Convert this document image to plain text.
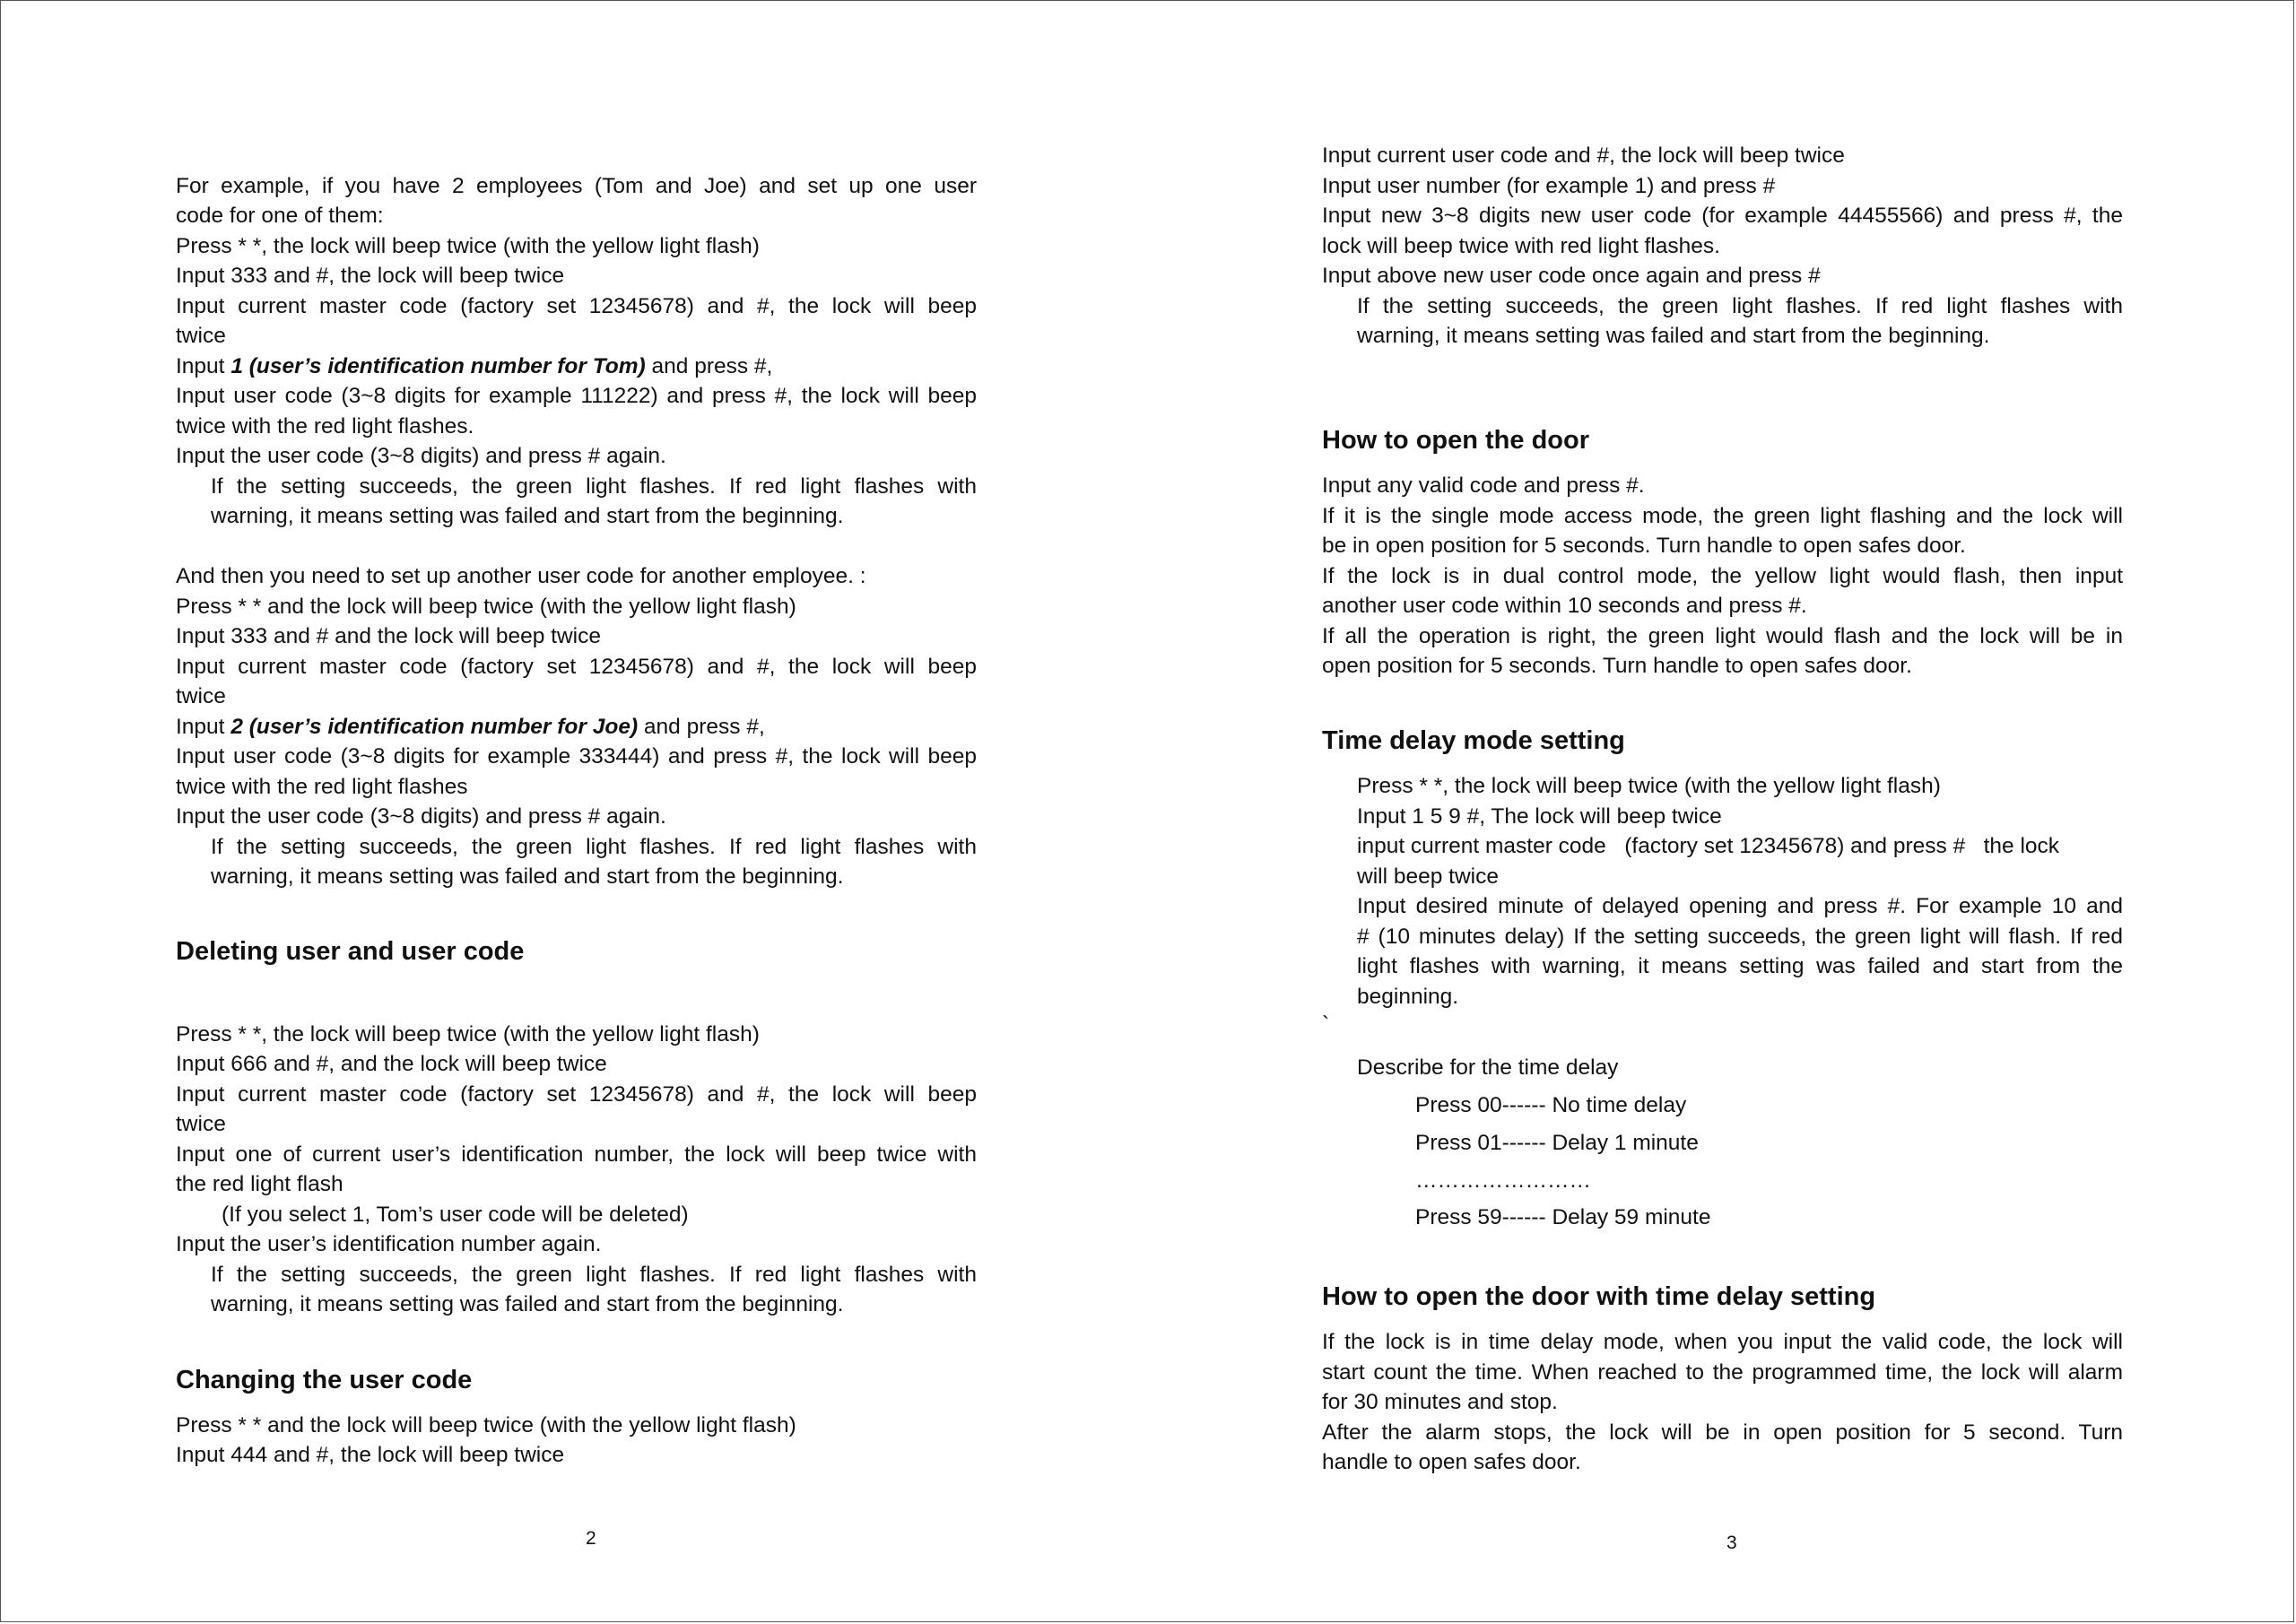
For example, if you have 2 employees (Tom and Joe) and set up one user
code for one of them:
Press * *, the lock will beep twice (with the yellow light flash)
Input 333 and #, the lock will beep twice
Input current master code (factory set 12345678) and #, the lock will beep
twice
Input 1 (user’s identification number for Tom) and press #,
Input user code (3~8 digits for example 111222) and press #, the lock will beep
twice with the red light flashes.
Input the user code (3~8 digits) and press # again.
If the setting succeeds, the green light flashes. If red light flashes with
warning, it means setting was failed and start from the beginning.
And then you need to set up another user code for another employee. :
Press * * and the lock will beep twice (with the yellow light flash)
Input 333 and # and the lock will beep twice
Input current master code (factory set 12345678) and #, the lock will beep
twice
Input 2 (user’s identification number for Joe) and press #,
Input user code (3~8 digits for example 333444) and press #, the lock will beep
twice with the red light flashes
Input the user code (3~8 digits) and press # again.
If the setting succeeds, the green light flashes. If red light flashes with
warning, it means setting was failed and start from the beginning.
Deleting user and user code
Press * *, the lock will beep twice (with the yellow light flash)
Input 666 and #, and the lock will beep twice
Input current master code (factory set 12345678) and #, the lock will beep
twice
Input one of current user’s identification number, the lock will beep twice with
the red light flash
(If you select 1, Tom’s user code will be deleted)
Input the user’s identification number again.
If the setting succeeds, the green light flashes. If red light flashes with
warning, it means setting was failed and start from the beginning.
Changing the user code
Press * * and the lock will beep twice (with the yellow light flash)
Input 444 and #, the lock will beep twice
2
Input current user code and #, the lock will beep twice
Input user number (for example 1) and press #
Input new 3~8 digits new user code (for example 44455566) and press #, the
lock will beep twice with red light flashes.
Input above new user code once again and press #
If the setting succeeds, the green light flashes. If red light flashes with
warning, it means setting was failed and start from the beginning.
How to open the door
Input any valid code and press #.
If it is the single mode access mode, the green light flashing and the lock will
be in open position for 5 seconds. Turn handle to open safes door.
If the lock is in dual control mode, the yellow light would flash, then input
another user code within 10 seconds and press #.
If all the operation is right, the green light would flash and the lock will be in
open position for 5 seconds. Turn handle to open safes door.
Time delay mode setting
Press * *, the lock will beep twice (with the yellow light flash)
Input 1 5 9 #, The lock will beep twice
input current master code   (factory set 12345678) and press #   the lock
will beep twice
Input desired minute of delayed opening and press #. For example 10 and
# (10 minutes delay) If the setting succeeds, the green light will flash. If red
light flashes with warning, it means setting was failed and start from the
beginning.
`
Describe for the time delay
Press 00------ No time delay
Press 01------ Delay 1 minute
……………………
Press 59------ Delay 59 minute
How to open the door with time delay setting
If the lock is in time delay mode, when you input the valid code, the lock will
start count the time. When reached to the programmed time, the lock will alarm
for 30 minutes and stop.
After the alarm stops, the lock will be in open position for 5 second. Turn
handle to open safes door.
3
